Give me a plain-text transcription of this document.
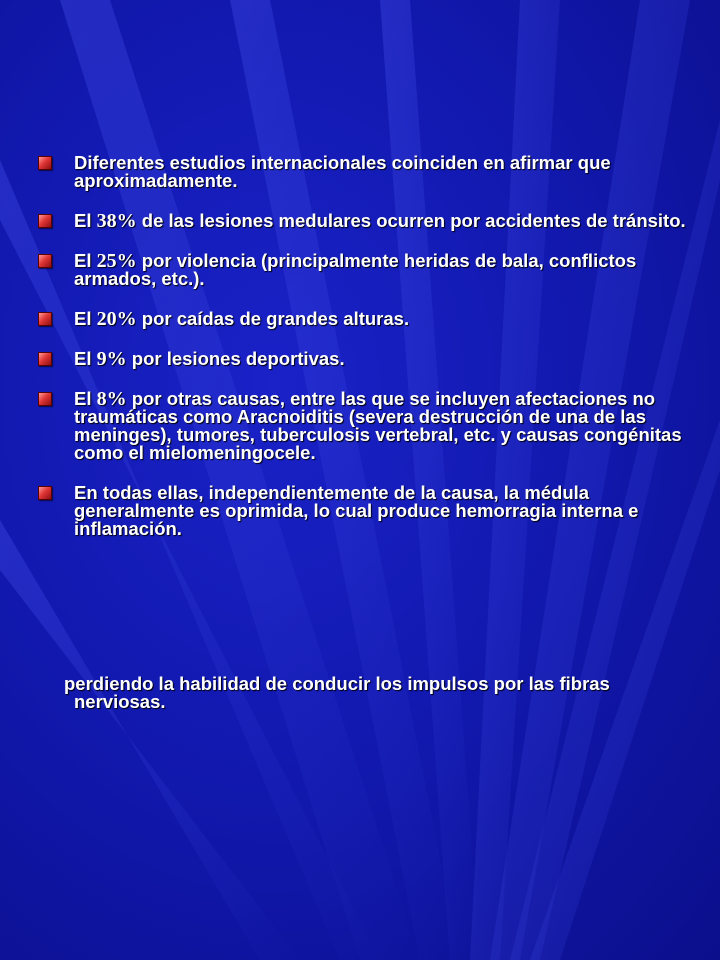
Diferentes estudios internacionales coinciden en afirmar que aproximadamente.
El 38% de las lesiones medulares ocurren por accidentes de tránsito.
El 25% por violencia (principalmente heridas de bala, conflictos armados, etc.).
El 20% por caídas de grandes alturas.
El 9% por lesiones deportivas.
El 8% por otras causas, entre las que se incluyen afectaciones no traumáticas como Aracnoiditis (severa destrucción de una de las meninges), tumores, tuberculosis vertebral, etc. y causas congénitas como el mielomeningocele.
En todas ellas, independientemente de la causa, la médula generalmente es oprimida, lo cual produce hemorragia interna e inflamación.

perdiendo la habilidad de conducir los impulsos por las fibras
nerviosas.
